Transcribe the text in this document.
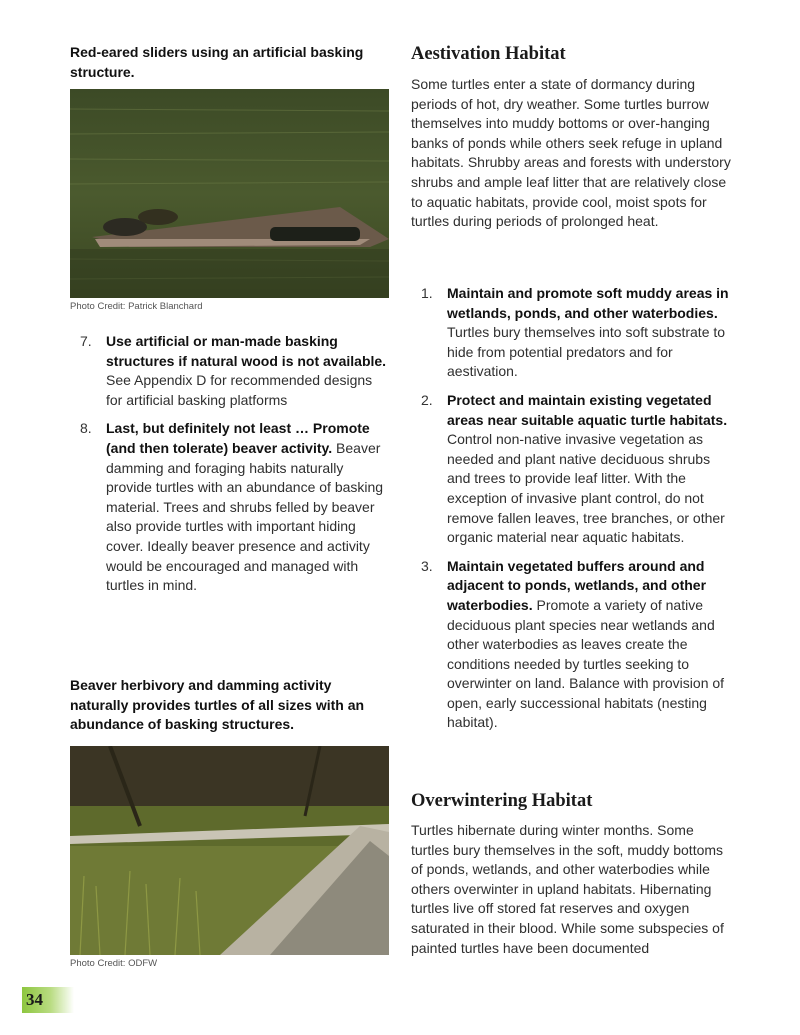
Red-eared sliders using an artificial basking structure.
Photo Credit: Patrick Blanchard
7. Use artificial or man-made basking structures if natural wood is not available. See Appendix D for recommended designs for artificial basking platforms
8. Last, but definitely not least … Promote (and then tolerate) beaver activity. Beaver damming and foraging habits naturally provide turtles with an abundance of basking material. Trees and shrubs felled by beaver also provide turtles with important hiding cover. Ideally beaver presence and activity would be encouraged and managed with turtles in mind.
Beaver herbivory and damming activity naturally provides turtles of all sizes with an abundance of basking structures.
Photo Credit: ODFW
Aestivation Habitat
Some turtles enter a state of dormancy during periods of hot, dry weather. Some turtles burrow themselves into muddy bottoms or over-hanging banks of ponds while others seek refuge in upland habitats. Shrubby areas and forests with understory shrubs and ample leaf litter that are relatively close to aquatic habitats, provide cool, moist spots for turtles during periods of prolonged heat.
1. Maintain and promote soft muddy areas in wetlands, ponds, and other waterbodies. Turtles bury themselves into soft substrate to hide from potential predators and for aestivation.
2. Protect and maintain existing vegetated areas near suitable aquatic turtle habitats. Control non-native invasive vegetation as needed and plant native deciduous shrubs and trees to provide leaf litter. With the exception of invasive plant control, do not remove fallen leaves, tree branches, or other organic material near aquatic habitats.
3. Maintain vegetated buffers around and adjacent to ponds, wetlands, and other waterbodies. Promote a variety of native deciduous plant species near wetlands and other waterbodies as leaves create the conditions needed by turtles seeking to overwinter on land. Balance with provision of open, early successional habitats (nesting habitat).
Overwintering Habitat
Turtles hibernate during winter months. Some turtles bury themselves in the soft, muddy bottoms of ponds, wetlands, and other waterbodies while others overwinter in upland habitats. Hibernating turtles live off stored fat reserves and oxygen saturated in their blood. While some subspecies of painted turtles have been documented
34
